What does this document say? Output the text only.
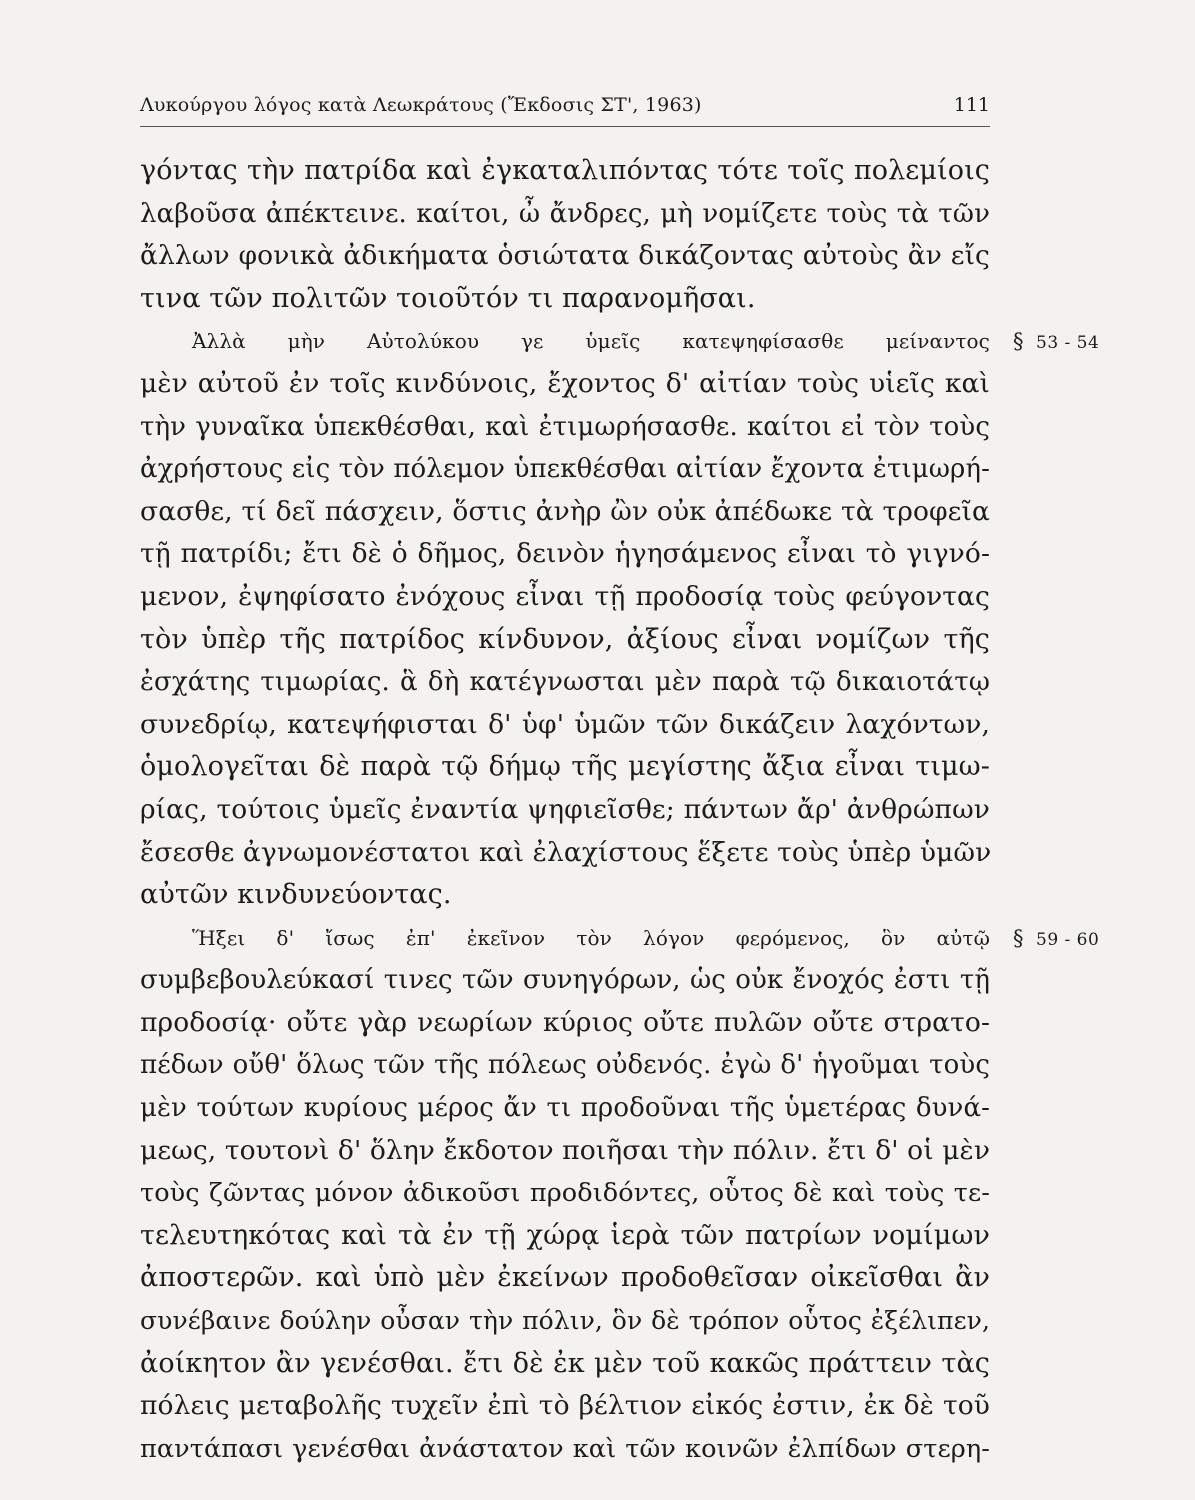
Λυκούργου λόγος κατὰ Λεωκράτους (Ἔκδοσις ΣΤ', 1963)	111
γόντας τὴν πατρίδα καὶ ἐγκαταλιπόντας τότε τοῖς πολεμίοις
λαβοῦσα ἀπέκτεινε. καίτοι, ὦ ἄνδρες, μὴ νομίζετε τοὺς τὰ τῶν
ἄλλων φονικὰ ἀδικήματα ὁσιώτατα δικάζοντας αὐτοὺς ἂν εἴς
τινα τῶν πολιτῶν τοιοῦτόν τι παρανομῆσαι.
Ἀλλὰ μὴν Αὐτολύκου γε ὑμεῖς κατεψηφίσασθε μείναντος § 53 - 54
μὲν αὐτοῦ ἐν τοῖς κινδύνοις, ἔχοντος δ' αἰτίαν τοὺς υἱεῖς καὶ
τὴν γυναῖκα ὑπεκθέσθαι, καὶ ἐτιμωρήσασθε. καίτοι εἰ τὸν τοὺς
ἀχρήστους εἰς τὸν πόλεμον ὑπεκθέσθαι αἰτίαν ἔχοντα ἐτιμωρή-
σασθε, τί δεῖ πάσχειν, ὅστις ἀνὴρ ὢν οὐκ ἀπέδωκε τὰ τροφεῖα
τῇ πατρίδι; ἔτι δὲ ὁ δῆμος, δεινὸν ἡγησάμενος εἶναι τὸ γιγνό-
μενον, ἐψηφίσατο ἐνόχους εἶναι τῇ προδοσίᾳ τοὺς φεύγοντας
τὸν ὑπὲρ τῆς πατρίδος κίνδυνον, ἀξίους εἶναι νομίζων τῆς
ἐσχάτης τιμωρίας. ἃ δὴ κατέγνωσται μὲν παρὰ τῷ δικαιοτάτῳ
συνεδρίῳ, κατεψήφισται δ' ὑφ' ὑμῶν τῶν δικάζειν λαχόντων,
ὁμολογεῖται δὲ παρὰ τῷ δήμῳ τῆς μεγίστης ἄξια εἶναι τιμω-
ρίας, τούτοις ὑμεῖς ἐναντία ψηφιεῖσθε; πάντων ἄρ' ἀνθρώπων
ἔσεσθε ἀγνωμονέστατοι καὶ ἐλαχίστους ἕξετε τοὺς ὑπὲρ ὑμῶν
αὐτῶν κινδυνεύοντας.
Ἥξει δ' ἴσως ἐπ' ἐκεῖνον τὸν λόγον φερόμενος, ὃν αὐτῷ § 59 - 60
συμβεβουλεύκασί τινες τῶν συνηγόρων, ὡς οὐκ ἔνοχός ἐστι τῇ
προδοσίᾳ· οὔτε γὰρ νεωρίων κύριος οὔτε πυλῶν οὔτε στρατο-
πέδων οὔθ' ὅλως τῶν τῆς πόλεως οὐδενός. ἐγὼ δ' ἡγοῦμαι τοὺς
μὲν τούτων κυρίους μέρος ἄν τι προδοῦναι τῆς ὑμετέρας δυνά-
μεως, τουτονὶ δ' ὅλην ἔκδοτον ποιῆσαι τὴν πόλιν. ἔτι δ' οἱ μὲν
τοὺς ζῶντας μόνον ἀδικοῦσι προδιδόντες, οὗτος δὲ καὶ τοὺς τε-
τελευτηκότας καὶ τὰ ἐν τῇ χώρᾳ ἱερὰ τῶν πατρίων νομίμων
ἀποστερῶν. καὶ ὑπὸ μὲν ἐκείνων προδοθεῖσαν οἰκεῖσθαι ἂν
συνέβαινε δούλην οὖσαν τὴν πόλιν, ὃν δὲ τρόπον οὗτος ἐξέλιπεν,
ἀοίκητον ἂν γενέσθαι. ἔτι δὲ ἐκ μὲν τοῦ κακῶς πράττειν τὰς
πόλεις μεταβολῆς τυχεῖν ἐπὶ τὸ βέλτιον εἰκός ἐστιν, ἐκ δὲ τοῦ
παντάπασι γενέσθαι ἀνάστατον καὶ τῶν κοινῶν ἐλπίδων στερη-
